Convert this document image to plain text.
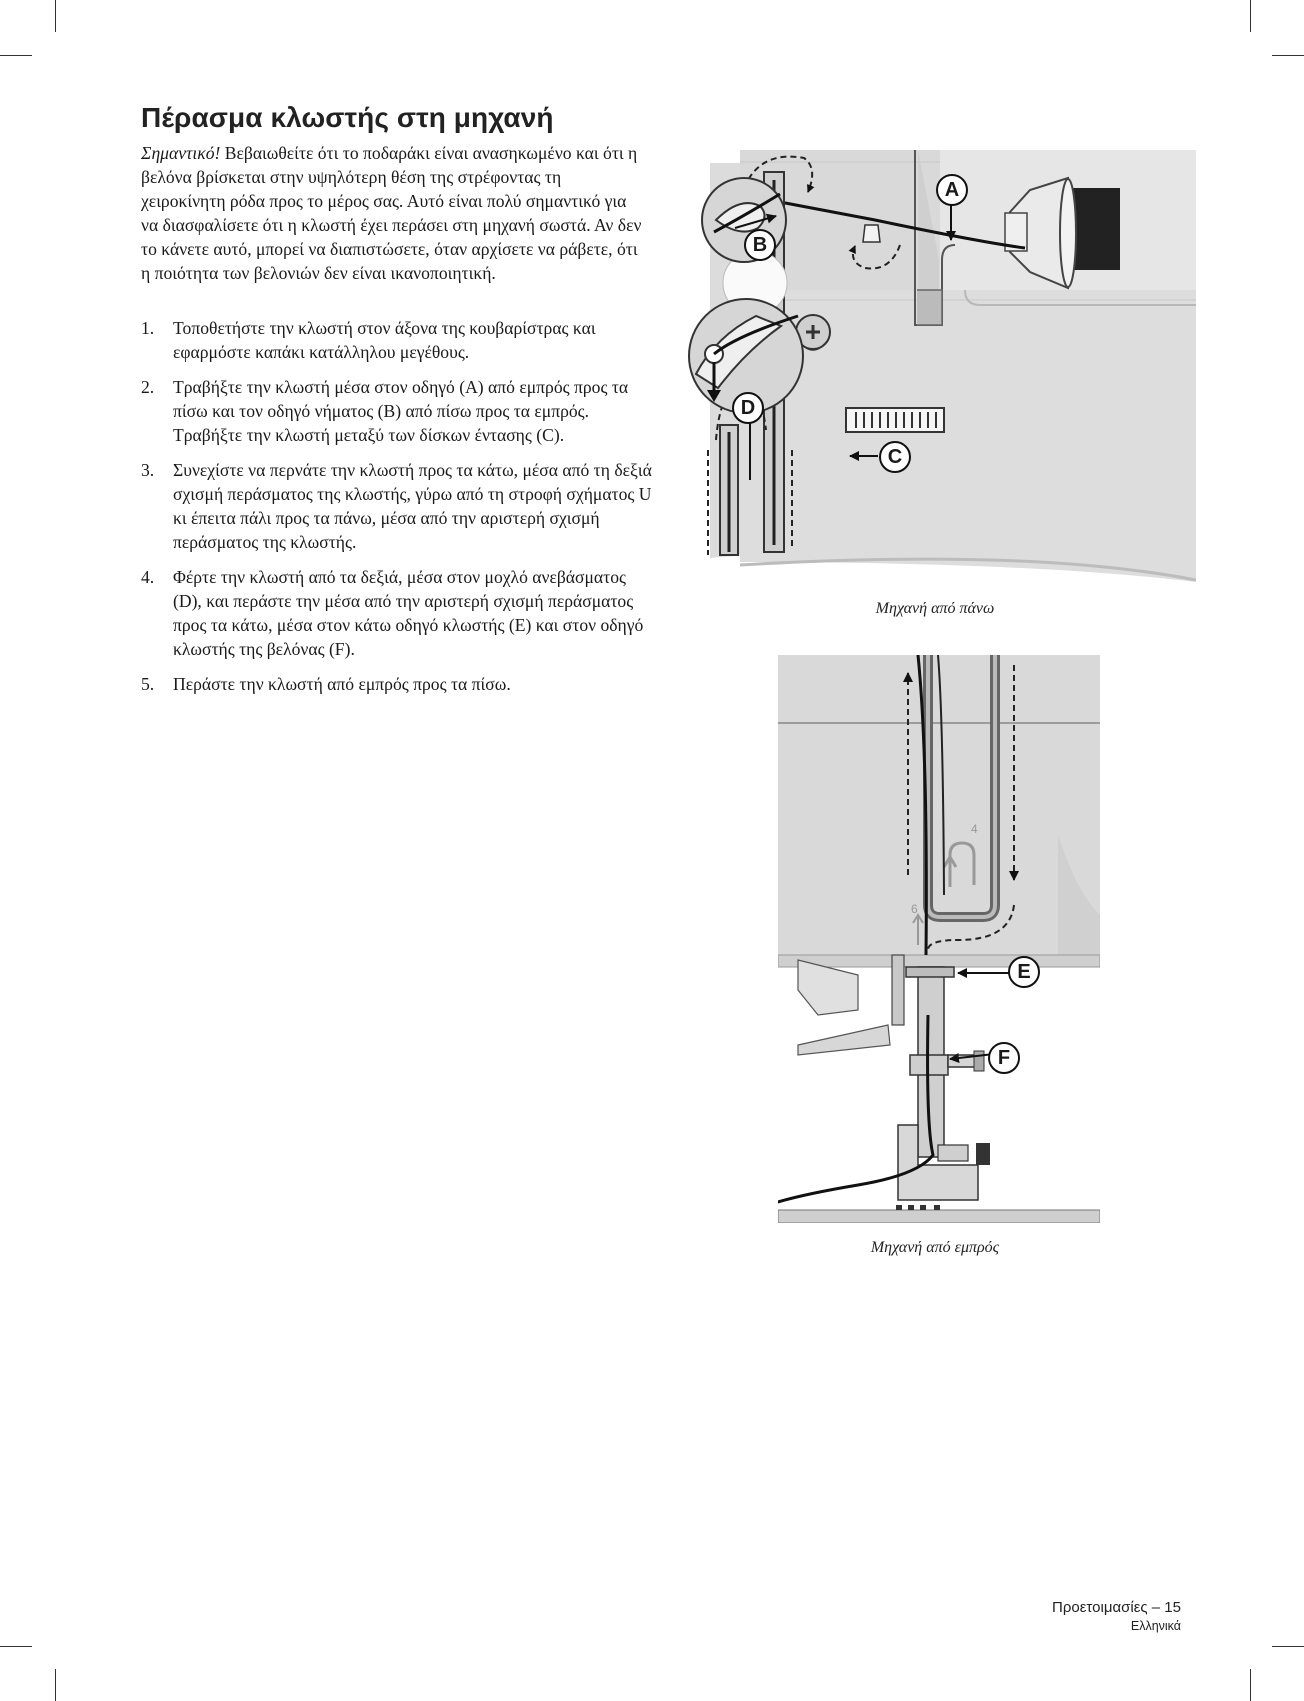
Πέρασμα κλωστής στη μηχανή

Σημαντικό! Βεβαιωθείτε ότι το ποδαράκι είναι ανασηκωμένο και ότι η βελόνα βρίσκεται στην υψηλότερη θέση της στρέφοντας τη χειροκίνητη ρόδα προς το μέρος σας. Αυτό είναι πολύ σημαντικό για να διασφαλίσετε ότι η κλωστή έχει περάσει στη μηχανή σωστά. Αν δεν το κάνετε αυτό, μπορεί να διαπιστώσετε, όταν αρχίσετε να ράβετε, ότι η ποιότητα των βελονιών δεν είναι ικανοποιητική.

1. Τοποθετήστε την κλωστή στον άξονα της κουβαρίστρας και εφαρμόστε καπάκι κατάλληλου μεγέθους.
2. Τραβήξτε την κλωστή μέσα στον οδηγό (A) από εμπρός προς τα πίσω και τον οδηγό νήματος (B) από πίσω προς τα εμπρός. Τραβήξτε την κλωστή μεταξύ των δίσκων έντασης (C).
3. Συνεχίστε να περνάτε την κλωστή προς τα κάτω, μέσα από τη δεξιά σχισμή περάσματος της κλωστής, γύρω από τη στροφή σχήματος U κι έπειτα πάλι προς τα πάνω, μέσα από την αριστερή σχισμή περάσματος της κλωστής.
4. Φέρτε την κλωστή από τα δεξιά, μέσα στον μοχλό ανεβάσματος (D), και περάστε την μέσα από την αριστερή σχισμή περάσματος προς τα κάτω, μέσα στον κάτω οδηγό κλωστής (E) και στον οδηγό κλωστής της βελόνας (F).
5. Περάστε την κλωστή από εμπρός προς τα πίσω.
A
B
C
D
Μηχανή από πάνω
4
6
E
F
Μηχανή από εμπρός
Προετοιμασίες – 15
Ελληνικά
